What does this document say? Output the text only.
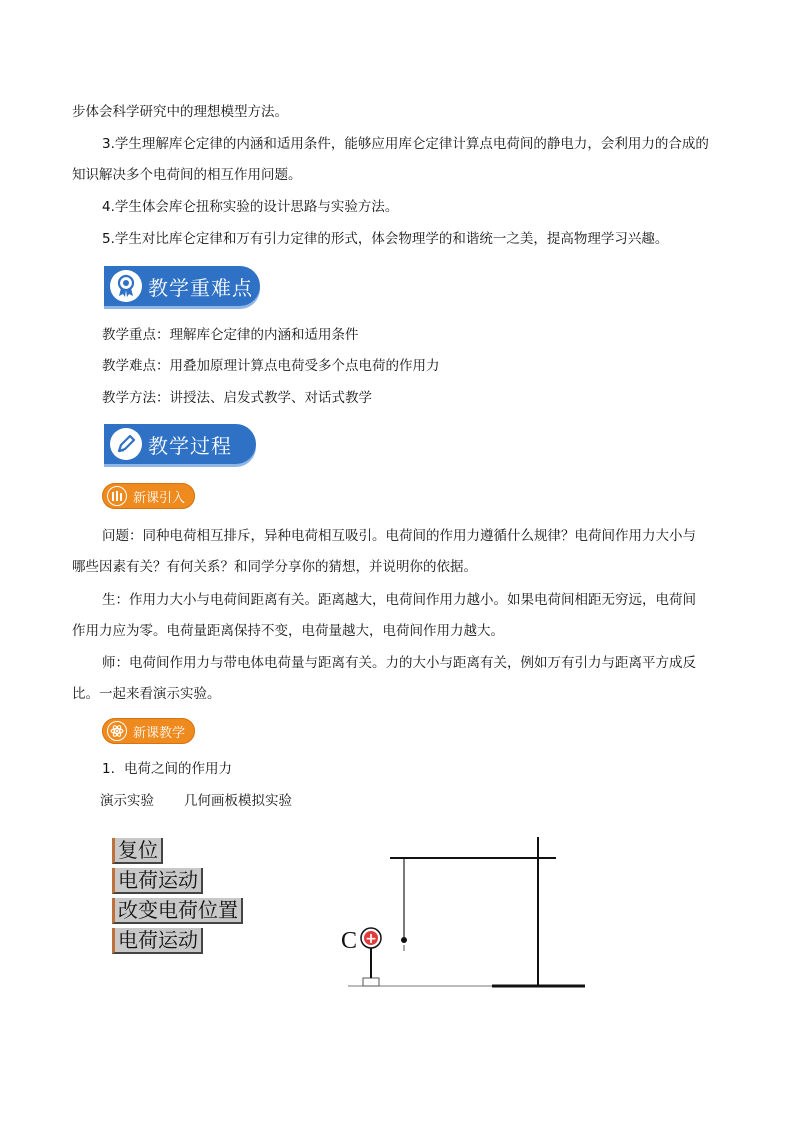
步体会科学研究中的理想模型方法。
3.学生理解库仑定律的内涵和适用条件，能够应用库仑定律计算点电荷间的静电力，会利用力的合成的
知识解决多个电荷间的相互作用问题。
4.学生体会库仑扭称实验的设计思路与实验方法。
5.学生对比库仑定律和万有引力定律的形式，体会物理学的和谐统一之美，提高物理学习兴趣。
教学重难点
教学重点：理解库仑定律的内涵和适用条件
教学难点：用叠加原理计算点电荷受多个点电荷的作用力
教学方法：讲授法、启发式教学、对话式教学
教学过程
新课引入
问题：同种电荷相互排斥，异种电荷相互吸引。电荷间的作用力遵循什么规律？电荷间作用力大小与
哪些因素有关？有何关系？和同学分享你的猜想，并说明你的依据。
生：作用力大小与电荷间距离有关。距离越大，电荷间作用力越小。如果电荷间相距无穷远，电荷间
作用力应为零。电荷量距离保持不变，电荷量越大，电荷间作用力越大。
师：电荷间作用力与带电体电荷量与距离有关。力的大小与距离有关，例如万有引力与距离平方成反
比。一起来看演示实验。
新课教学
1. 电荷之间的作用力
演示实验 几何画板模拟实验
复位
电荷运动
改变电荷位置
电荷运动	+
C
